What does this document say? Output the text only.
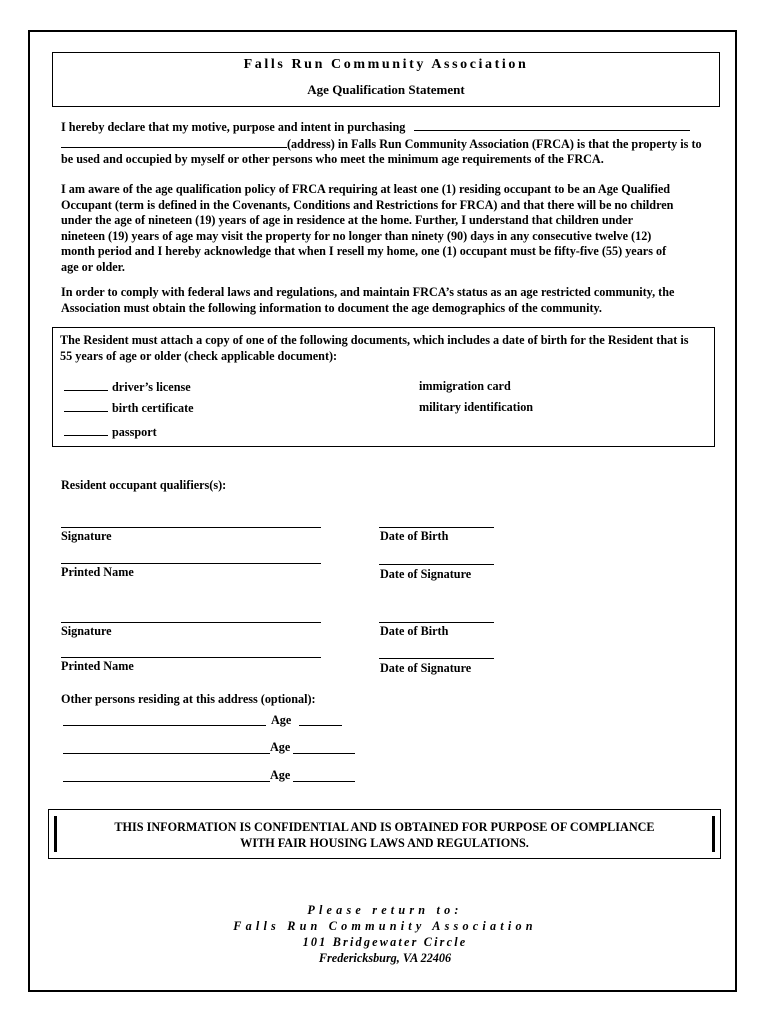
Falls Run Community Association
Age Qualification Statement
I hereby declare that my motive, purpose and intent in purchasing
(address) in Falls Run Community Association (FRCA) is that the property is to
be used and occupied by myself or other persons who meet the minimum age requirements of the FRCA.
I am aware of the age qualification policy of FRCA requiring at least one (1) residing occupant to be an Age Qualified
Occupant (term is defined in the Covenants, Conditions and Restrictions for FRCA) and that there will be no children
under the age of nineteen (19) years of age in residence at the home. Further, I understand that children under
nineteen (19) years of age may visit the property for no longer than ninety (90) days in any consecutive twelve (12)
month period and I hereby acknowledge that when I resell my home, one (1) occupant must be fifty-five (55) years of
age or older.
In order to comply with federal laws and regulations, and maintain FRCA’s status as an age restricted community, the
Association must obtain the following information to document the age demographics of the community.
The Resident must attach a copy of one of the following documents, which includes a date of birth for the Resident that is
55 years of age or older (check applicable document):
driver’s license
birth certificate
passport
immigration card
military identification
Resident occupant qualifiers(s):
Signature	Date of Birth
Printed Name	Date of Signature
Signature	Date of Birth
Printed Name	Date of Signature
Other persons residing at this address (optional):
Age
Age
Age
THIS INFORMATION IS CONFIDENTIAL AND IS OBTAINED FOR PURPOSE OF COMPLIANCE
WITH FAIR HOUSING LAWS AND REGULATIONS.
Please return to:
Falls Run Community Association
101 Bridgewater Circle
Fredericksburg, VA 22406
